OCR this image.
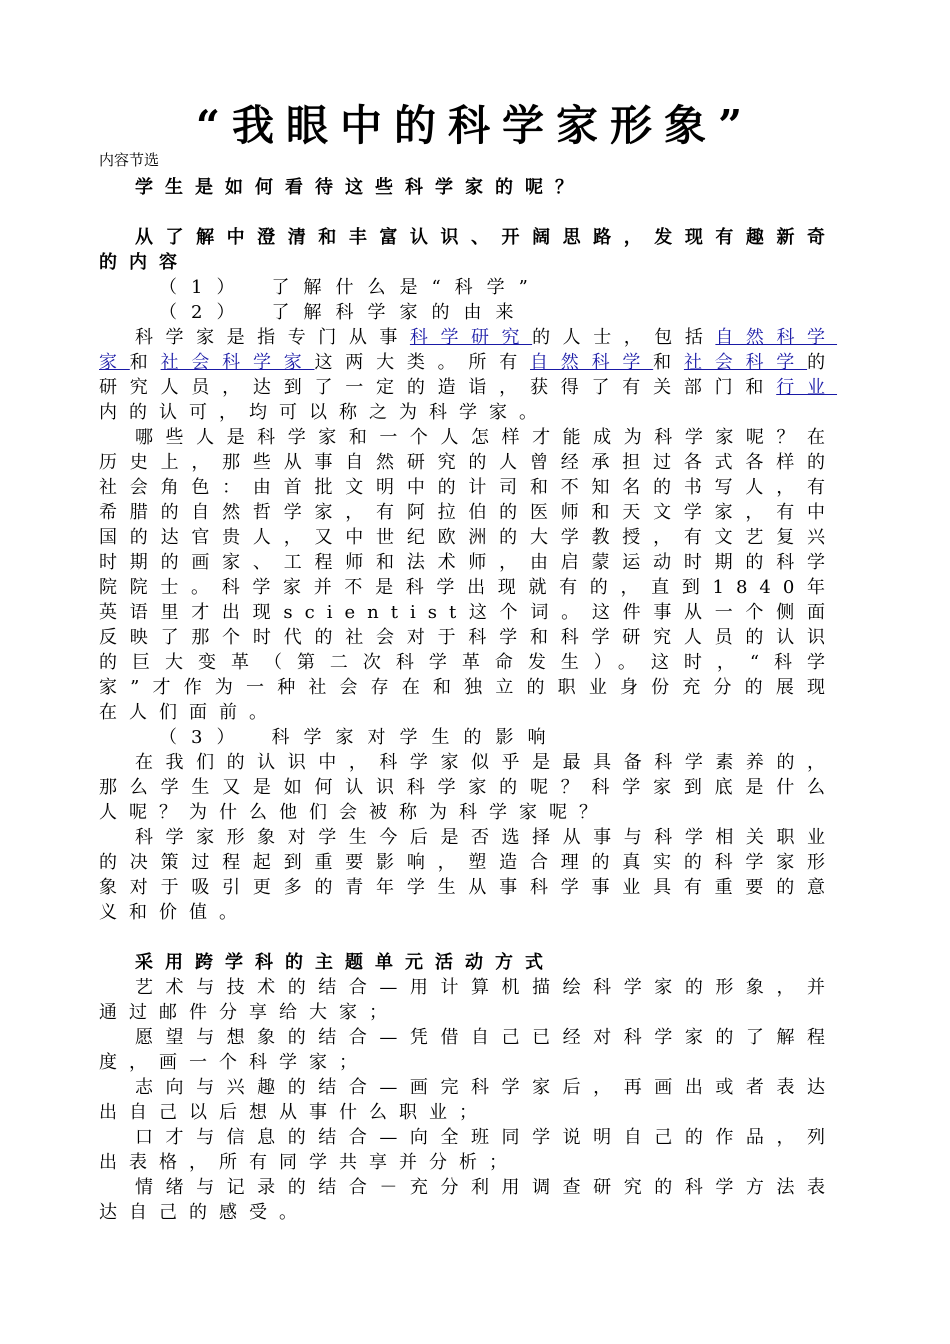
“我眼中的科学家形象”
内容节选
学生是如何看待这些科学家的呢？
从了解中澄清和丰富认识、开阔思路，发现有趣新奇的内容
（1）　了解什么是“科学”
（2）　了解科学家的由来
科学家是指专门从事科学研究的人士，包括自然科学家和社会科学家这两大类。所有自然科学和社会科学的研究人员，达到了一定的造诣，获得了有关部门和行业内的认可，均可以称之为科学家。
哪些人是科学家和一个人怎样才能成为科学家呢？在历史上，那些从事自然研究的人曾经承担过各式各样的社会角色：由首批文明中的计司和不知名的书写人，有希腊的自然哲学家，有阿拉伯的医师和天文学家，有中国的达官贵人，又中世纪欧洲的大学教授，有文艺复兴时期的画家、工程师和法术师，由启蒙运动时期的科学院院士。科学家并不是科学出现就有的，直到1840年英语里才出现scientist这个词。这件事从一个侧面反映了那个时代的社会对于科学和科学研究人员的认识的巨大变革（第二次科学革命发生）。这时，“科学家”才作为一种社会存在和独立的职业身份充分的展现在人们面前。
（3）　科学家对学生的影响
在我们的认识中，科学家似乎是最具备科学素养的，那么学生又是如何认识科学家的呢？科学家到底是什么人呢？为什么他们会被称为科学家呢？
科学家形象对学生今后是否选择从事与科学相关职业的决策过程起到重要影响，塑造合理的真实的科学家形象对于吸引更多的青年学生从事科学事业具有重要的意义和价值。
采用跨学科的主题单元活动方式
艺术与技术的结合—用计算机描绘科学家的形象，并通过邮件分享给大家；
愿望与想象的结合—凭借自己已经对科学家的了解程度，画一个科学家；
志向与兴趣的结合—画完科学家后，再画出或者表达出自己以后想从事什么职业；
口才与信息的结合—向全班同学说明自己的作品，列出表格，所有同学共享并分析；
情绪与记录的结合－充分利用调查研究的科学方法表达自己的感受。
